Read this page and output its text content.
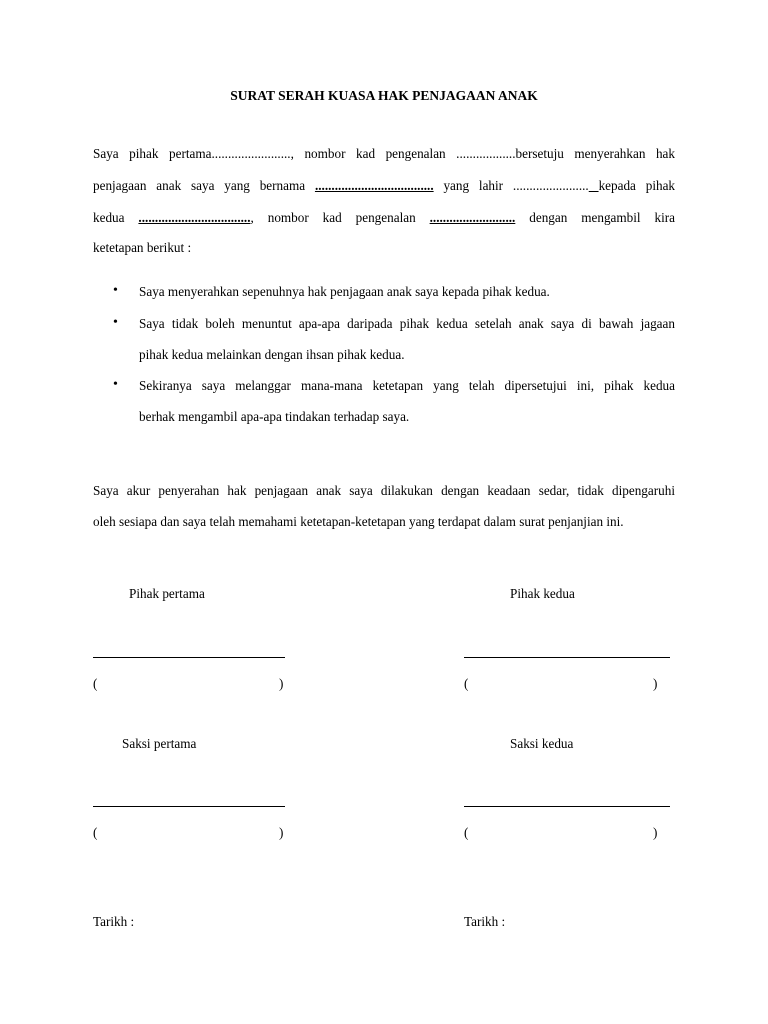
SURAT SERAH KUASA HAK PENJAGAAN ANAK
Saya pihak pertama........................, nombor kad pengenalan ..................bersetuju menyerahkan hak
penjagaan anak saya yang bernama .................................... yang lahir ....................... kepada pihak
kedua .................................., nombor kad pengenalan .......................... dengan mengambil kira
ketetapan berikut :
• Saya menyerahkan sepenuhnya hak penjagaan anak saya kepada pihak kedua.
• Saya tidak boleh menuntut apa-apa daripada pihak kedua setelah anak saya di bawah jagaan
pihak kedua melainkan dengan ihsan pihak kedua.
• Sekiranya saya melanggar mana-mana ketetapan yang telah dipersetujui ini, pihak kedua
berhak mengambil apa-apa tindakan terhadap saya.
Saya akur penyerahan hak penjagaan anak saya dilakukan dengan keadaan sedar, tidak dipengaruhi
oleh sesiapa dan saya telah memahami ketetapan-ketetapan yang terdapat dalam surat penjanjian ini.
Pihak pertama	Pihak kedua
(	)	(	)
Saksi pertama	Saksi kedua
(	)	(	)
Tarikh :	Tarikh :
